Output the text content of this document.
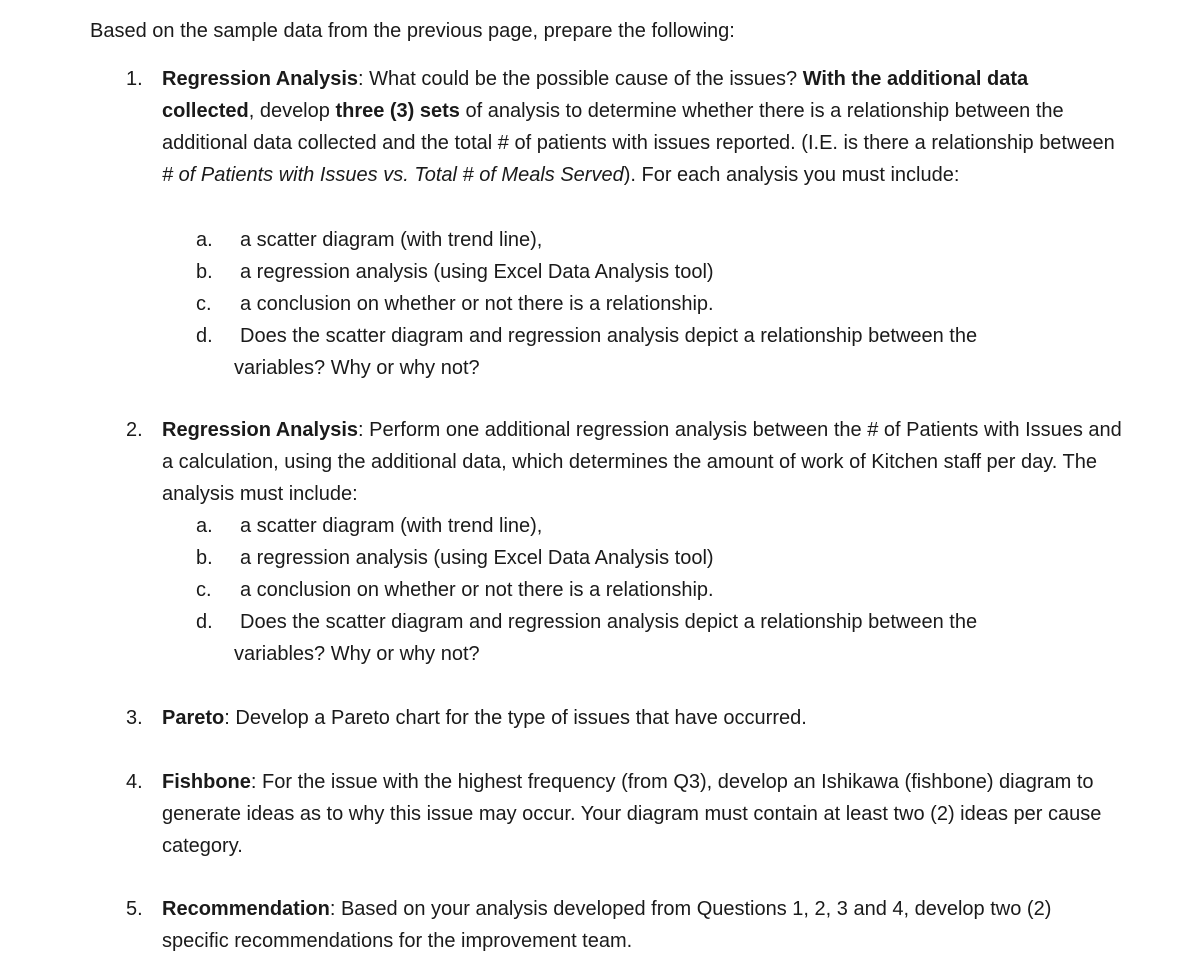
Based on the sample data from the previous page, prepare the following:

1. Regression Analysis: What could be the possible cause of the issues? With the additional data collected, develop three (3) sets of analysis to determine whether there is a relationship between the additional data collected and the total # of patients with issues reported. (I.E. is there a relationship between # of Patients with Issues vs. Total # of Meals Served). For each analysis you must include:

a.	a scatter diagram (with trend line),

b.	a regression analysis (using Excel Data Analysis tool)

c.	a conclusion on whether or not there is a relationship.

d.	Does the scatter diagram and regression analysis depict a relationship between the

variables? Why or why not?
2. Regression Analysis: Perform one additional regression analysis between the # of Patients with Issues and a calculation, using the additional data, which determines the amount of work of Kitchen staff per day. The analysis must include:

a.	a scatter diagram (with trend line),

b.	a regression analysis (using Excel Data Analysis tool)

c.	a conclusion on whether or not there is a relationship.

d.	Does the scatter diagram and regression analysis depict a relationship between the

variables? Why or why not?
3. Pareto: Develop a Pareto chart for the type of issues that have occurred.

4. Fishbone: For the issue with the highest frequency (from Q3), develop an Ishikawa (fishbone) diagram to generate ideas as to why this issue may occur. Your diagram must contain at least two (2) ideas per cause category.

5. Recommendation: Based on your analysis developed from Questions 1, 2, 3 and 4, develop two (2) specific recommendations for the improvement team.
